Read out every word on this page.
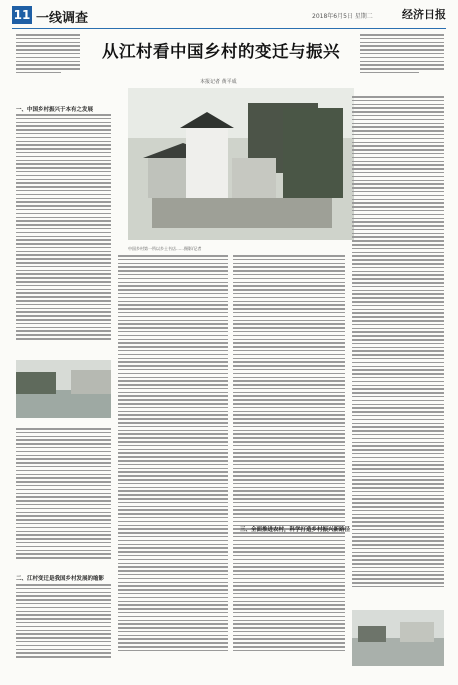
11 一线调查	2018年6月5日 星期二	经济日报
从江村看中国乡村的变迁与振兴
本报记者 黄平成
一、中国乡村振兴于本有之发展
中国乡村第一所以乡土书店……摄影/记者
二、江村变迁是我国乡村发展的缩影
三、全面推进农村，科学打造乡村振兴新路径
